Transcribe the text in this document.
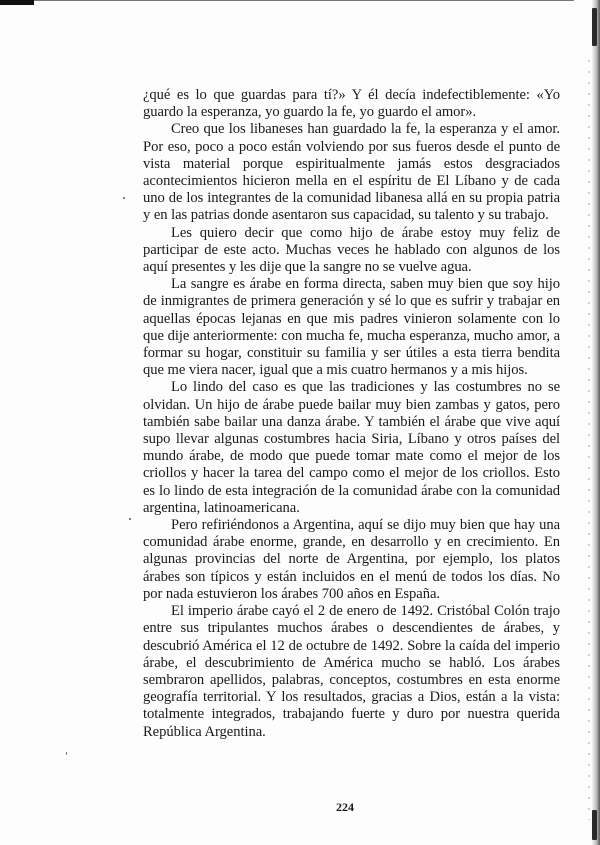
¿qué es lo que guardas para tí?» Y él decía indefectiblemente: «Yo guardo la esperanza, yo guardo la fe, yo guardo el amor».

Creo que los libaneses han guardado la fe, la esperanza y el amor. Por eso, poco a poco están volviendo por sus fueros desde el punto de vista material porque espiritualmente jamás estos desgraciados acontecimientos hicieron mella en el espíritu de El Líbano y de cada uno de los integrantes de la comunidad libanesa allá en su propia patria y en las patrias donde asentaron sus capacidad, su talento y su trabajo.

Les quiero decir que como hijo de árabe estoy muy feliz de participar de este acto. Muchas veces he hablado con algunos de los aquí presentes y les dije que la sangre no se vuelve agua.

La sangre es árabe en forma directa, saben muy bien que soy hijo de inmigrantes de primera generación y sé lo que es sufrir y trabajar en aquellas épocas lejanas en que mis padres vinieron solamente con lo que dije anteriormente: con mucha fe, mucha esperanza, mucho amor, a formar su hogar, constituir su familia y ser útiles a esta tierra bendita que me viera nacer, igual que a mis cuatro hermanos y a mis hijos.

Lo lindo del caso es que las tradiciones y las costumbres no se olvidan. Un hijo de árabe puede bailar muy bien zambas y gatos, pero también sabe bailar una danza árabe. Y también el árabe que vive aquí supo llevar algunas costumbres hacia Siria, Líbano y otros países del mundo árabe, de modo que puede tomar mate como el mejor de los criollos y hacer la tarea del campo como el mejor de los criollos. Esto es lo lindo de esta integración de la comunidad árabe con la comunidad argentina, latinoamericana.

Pero refiriéndonos a Argentina, aquí se dijo muy bien que hay una comunidad árabe enorme, grande, en desarrollo y en crecimiento. En algunas provincias del norte de Argentina, por ejemplo, los platos árabes son típicos y están incluidos en el menú de todos los días. No por nada estuvieron los árabes 700 años en España.

El imperio árabe cayó el 2 de enero de 1492. Cristóbal Colón trajo entre sus tripulantes muchos árabes o descendientes de árabes, y descubrió América el 12 de octubre de 1492. Sobre la caída del imperio árabe, el descubrimiento de América mucho se habló. Los árabes sembraron apellidos, palabras, conceptos, costumbres en esta enorme geografía territorial. Y los resultados, gracias a Dios, están a la vista: totalmente integrados, trabajando fuerte y duro por nuestra querida República Argentina.

224
